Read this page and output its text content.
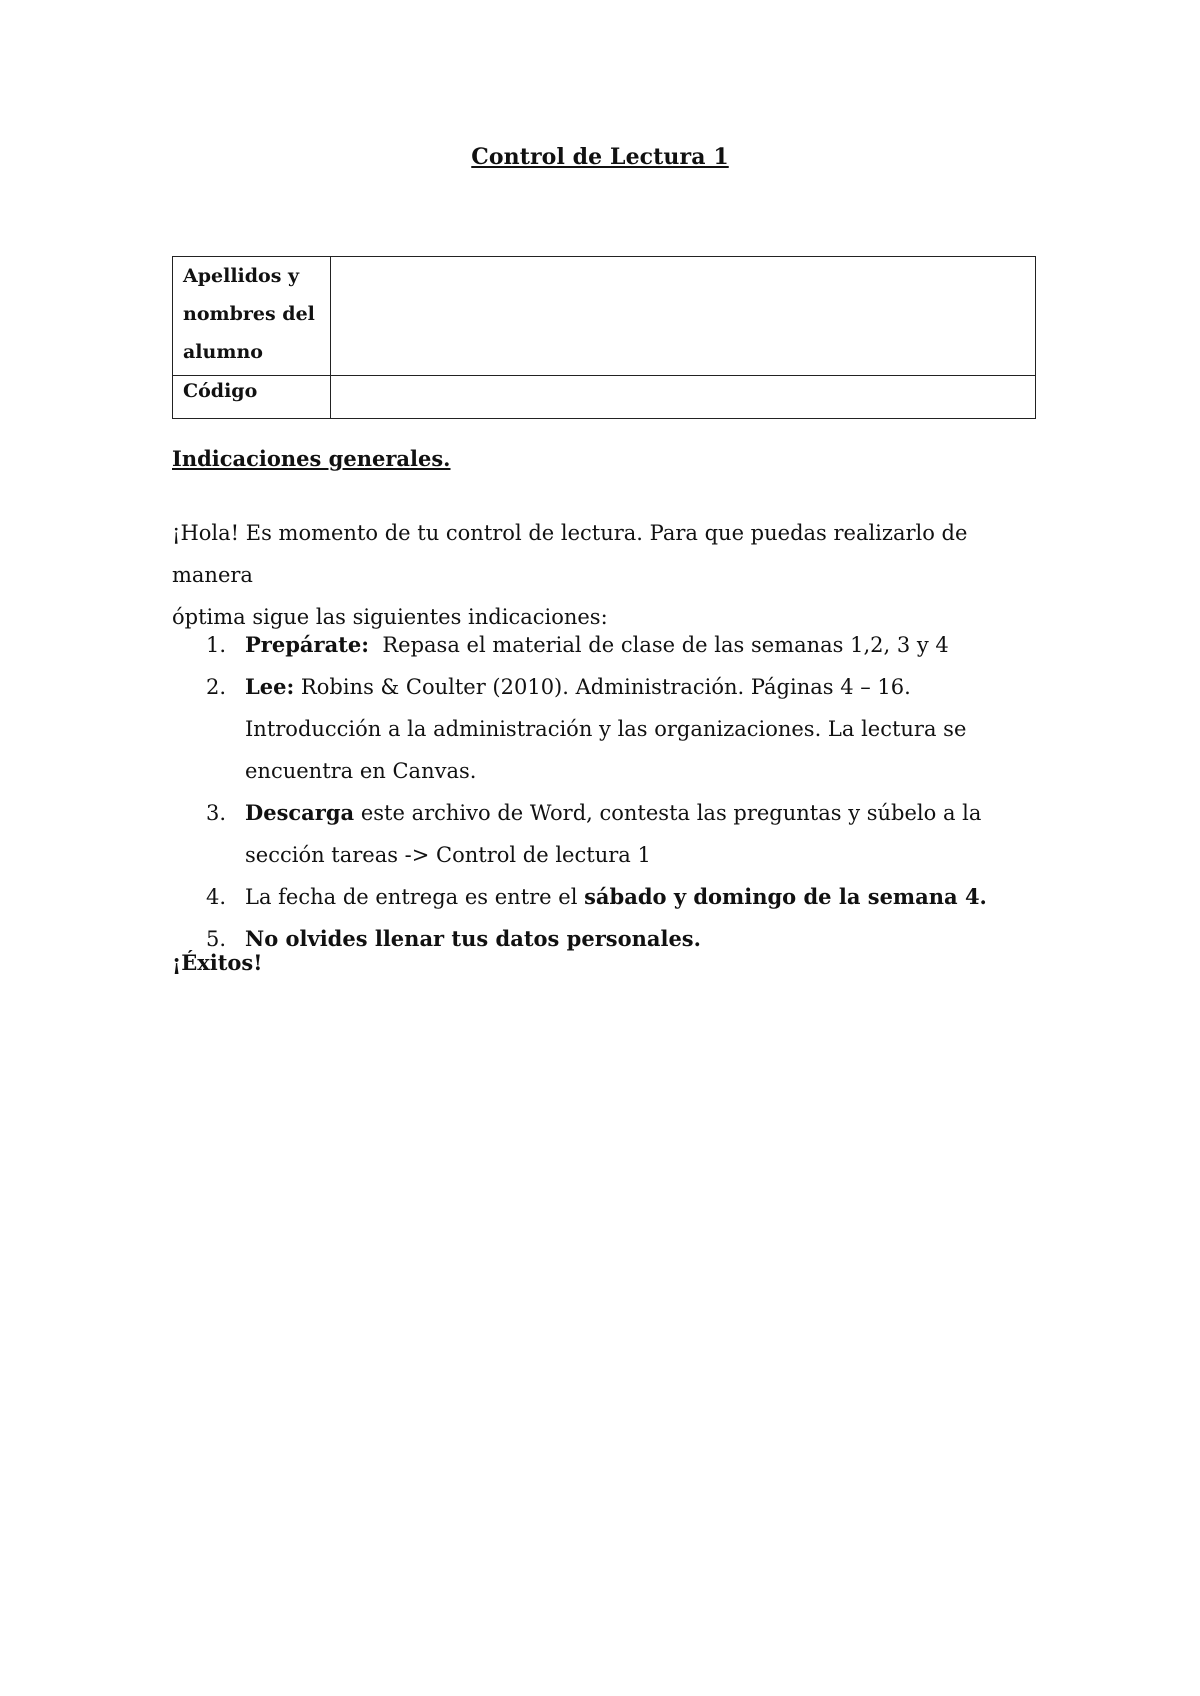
Control de Lectura 1
Apellidos y nombres del alumno	
Código	
Indicaciones generales.
¡Hola! Es momento de tu control de lectura. Para que puedas realizarlo de manera
óptima sigue las siguientes indicaciones:
1. Prepárate:  Repasa el material de clase de las semanas 1,2, 3 y 4
2. Lee: Robins & Coulter (2010). Administración. Páginas 4 – 16. Introducción a la administración y las organizaciones. La lectura se encuentra en Canvas.
3. Descarga este archivo de Word, contesta las preguntas y súbelo a la sección tareas -> Control de lectura 1
4. La fecha de entrega es entre el sábado y domingo de la semana 4.
5. No olvides llenar tus datos personales.
¡Éxitos!
